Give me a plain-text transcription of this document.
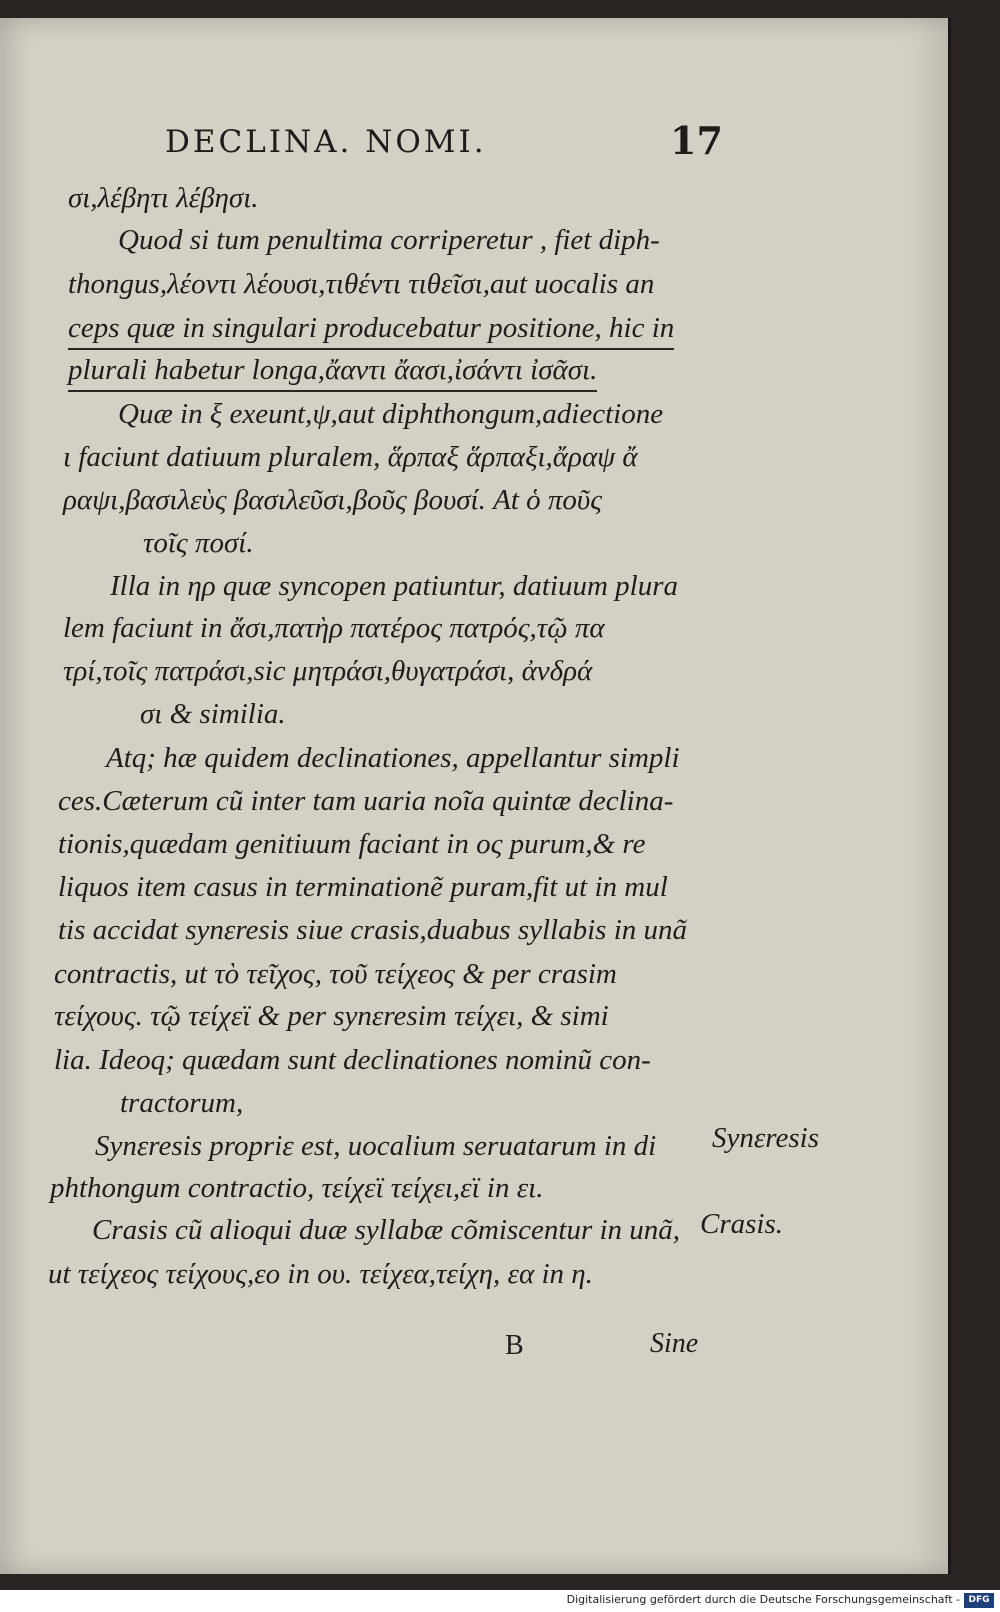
DECLINA. NOMI.	17
σι,λέβητι λέβησι.
Quod si tum penultima corriperetur , fiet diph-
thongus,λέοντι λέουσι,τιθέντι τιθεῖσι,aut uocalis an
ceps quæ in singulari producebatur positione, hic in
plurali habetur longa,ἄαντι ἄασι,ἰσάντι ἰσᾶσι.
Quæ in ξ exeunt,ψ,aut diphthongum,adiectione
ι faciunt datiuum pluralem, ἅρπαξ ἅρπαξι,ἄραψ ἄ
ραψι,βασιλεὺς βασιλεῦσι,βοῦς βουσί. At ὁ ποῦς
τοῖς ποσί.
Illa in ηρ quæ syncopen patiuntur, datiuum plura
lem faciunt in ἄσι,πατὴρ πατέρος πατρός,τῷ πα
τρί,τοῖς πατράσι,sic μητράσι,θυγατράσι, ἀνδρά
σι & similia.
Atq; hæ quidem declinationes, appellantur simpli
ces.Cæterum cũ inter tam uaria noĩa quintæ declina-
tionis,quædam genitiuum faciant in ος purum,& re
liquos item casus in terminationẽ puram,fit ut in mul
tis accidat synεresis siue crasis,duabus syllabis in unã
contractis, ut τὸ τεῖχος, τοῦ τείχεος & per crasim
τείχους. τῷ τείχεϊ & per synεresim τείχει, & simi
lia. Ideoq; quædam sunt declinationes nominũ con-
tractorum,
Synεresis propriε est, uocalium seruatarum in di
phthongum contractio, τείχεϊ τείχει,εϊ in ει.
Crasis cũ alioqui duæ syllabæ cõmiscentur in unã,
ut τείχεος τείχους,εο in ου. τείχεα,τείχη, εα in η.
Synεresis
Crasis.
B	Sine
Digitalisierung gefördert durch die Deutsche Forschungsgemeinschaft - DFG
